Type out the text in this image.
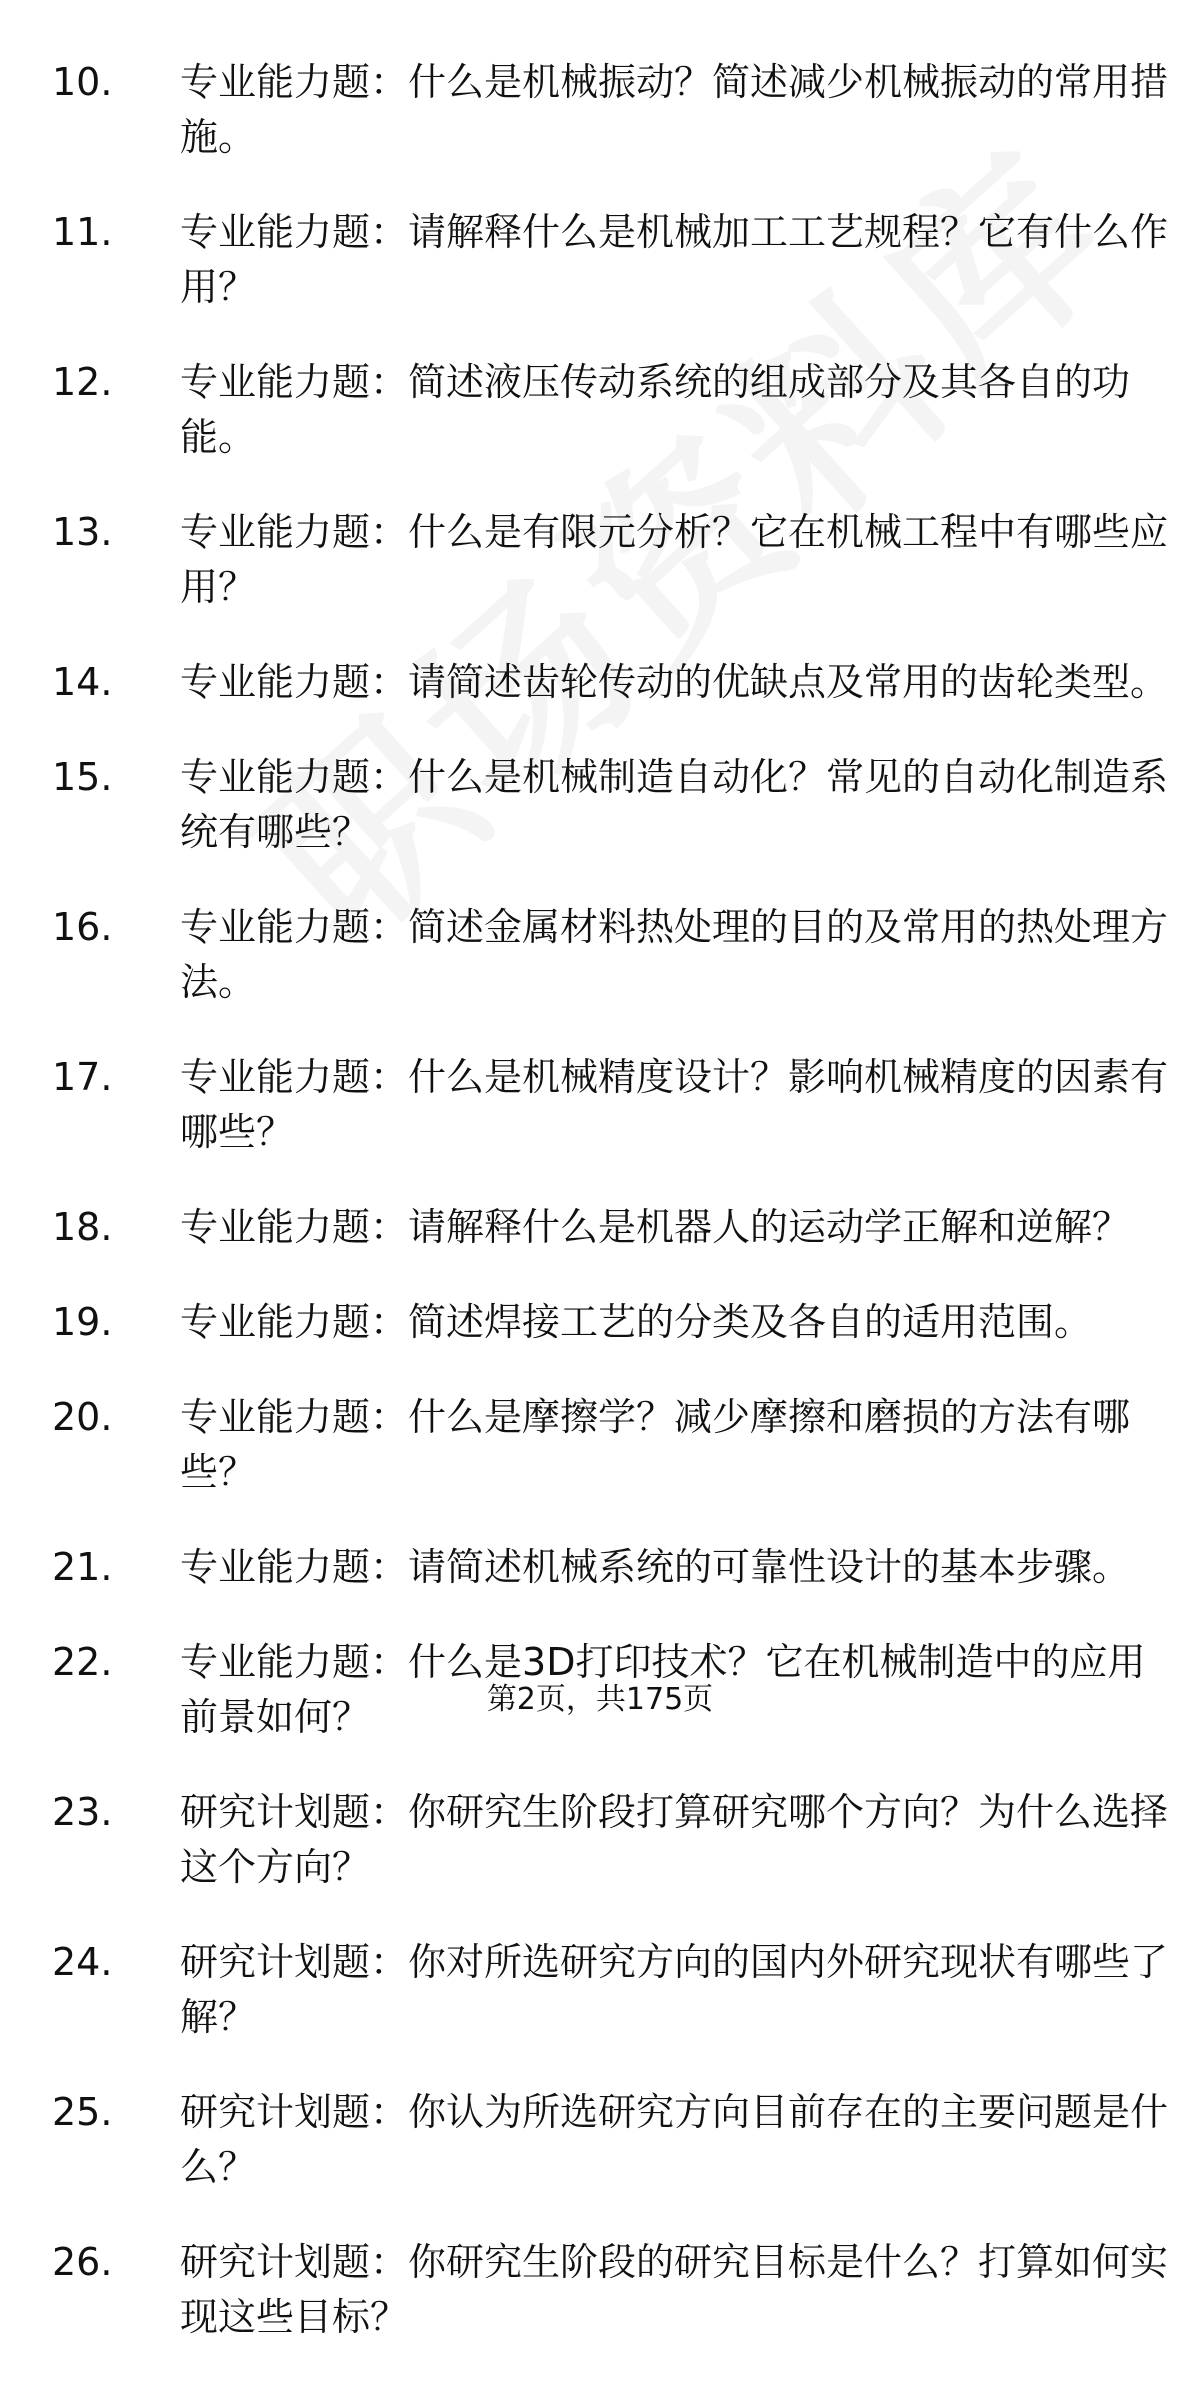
10.	专业能力题：什么是机械振动？简述减少机械振动的常用措施。
11.	专业能力题：请解释什么是机械加工工艺规程？它有什么作用？
12.	专业能力题：简述液压传动系统的组成部分及其各自的功能。
13.	专业能力题：什么是有限元分析？它在机械工程中有哪些应用？
14.	专业能力题：请简述齿轮传动的优缺点及常用的齿轮类型。
15.	专业能力题：什么是机械制造自动化？常见的自动化制造系统有哪些？
16.	专业能力题：简述金属材料热处理的目的及常用的热处理方法。
17.	专业能力题：什么是机械精度设计？影响机械精度的因素有哪些？
18.	专业能力题：请解释什么是机器人的运动学正解和逆解？
19.	专业能力题：简述焊接工艺的分类及各自的适用范围。
20.	专业能力题：什么是摩擦学？减少摩擦和磨损的方法有哪些？
21.	专业能力题：请简述机械系统的可靠性设计的基本步骤。
22.	专业能力题：什么是3D打印技术？它在机械制造中的应用前景如何？
23.	研究计划题：你研究生阶段打算研究哪个方向？为什么选择这个方向？
24.	研究计划题：你对所选研究方向的国内外研究现状有哪些了解？
25.	研究计划题：你认为所选研究方向目前存在的主要问题是什么？
26.	研究计划题：你研究生阶段的研究目标是什么？打算如何实现这些目标？
第2页，共175页
